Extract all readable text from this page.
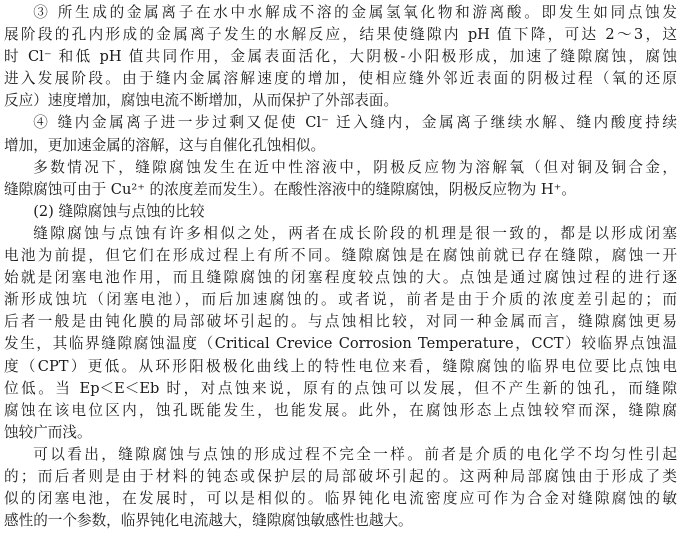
③ 所生成的金属离子在水中水解成不溶的金属氢氧化物和游离酸。即发生如同点蚀发
展阶段的孔内形成的金属离子发生的水解反应，结果使缝隙内 pH 值下降，可达 2～3，这
时 Cl⁻ 和低 pH 值共同作用，金属表面活化，大阴极-小阳极形成，加速了缝隙腐蚀，腐蚀
进入发展阶段。由于缝内金属溶解速度的增加，使相应缝外邻近表面的阴极过程（氧的还原
反应）速度增加，腐蚀电流不断增加，从而保护了外部表面。
④ 缝内金属离子进一步过剩又促使 Cl⁻ 迁入缝内，金属离子继续水解、缝内酸度持续
增加，更加速金属的溶解，这与自催化孔蚀相似。
多数情况下，缝隙腐蚀发生在近中性溶液中，阴极反应物为溶解氧（但对铜及铜合金，
缝隙腐蚀可由于 Cu²⁺ 的浓度差而发生）。在酸性溶液中的缝隙腐蚀，阴极反应物为 H⁺。
(2) 缝隙腐蚀与点蚀的比较
缝隙腐蚀与点蚀有许多相似之处，两者在成长阶段的机理是很一致的，都是以形成闭塞
电池为前提，但它们在形成过程上有所不同。缝隙腐蚀是在腐蚀前就已存在缝隙，腐蚀一开
始就是闭塞电池作用，而且缝隙腐蚀的闭塞程度较点蚀的大。点蚀是通过腐蚀过程的进行逐
渐形成蚀坑（闭塞电池），而后加速腐蚀的。或者说，前者是由于介质的浓度差引起的；而
后者一般是由钝化膜的局部破坏引起的。与点蚀相比较，对同一种金属而言，缝隙腐蚀更易
发生，其临界缝隙腐蚀温度（Critical Crevice Corrosion Temperature，CCT）较临界点蚀温
度（CPT）更低。从环形阳极极化曲线上的特性电位来看，缝隙腐蚀的临界电位要比点蚀电
位低。当 Ep＜E＜Eb 时，对点蚀来说，原有的点蚀可以发展，但不产生新的蚀孔，而缝隙
腐蚀在该电位区内，蚀孔既能发生，也能发展。此外，在腐蚀形态上点蚀较窄而深，缝隙腐
蚀较广而浅。
可以看出，缝隙腐蚀与点蚀的形成过程不完全一样。前者是介质的电化学不均匀性引起
的；而后者则是由于材料的钝态或保护层的局部破坏引起的。这两种局部腐蚀由于形成了类
似的闭塞电池，在发展时，可以是相似的。临界钝化电流密度应可作为合金对缝隙腐蚀的敏
感性的一个参数，临界钝化电流越大，缝隙腐蚀敏感性也越大。
